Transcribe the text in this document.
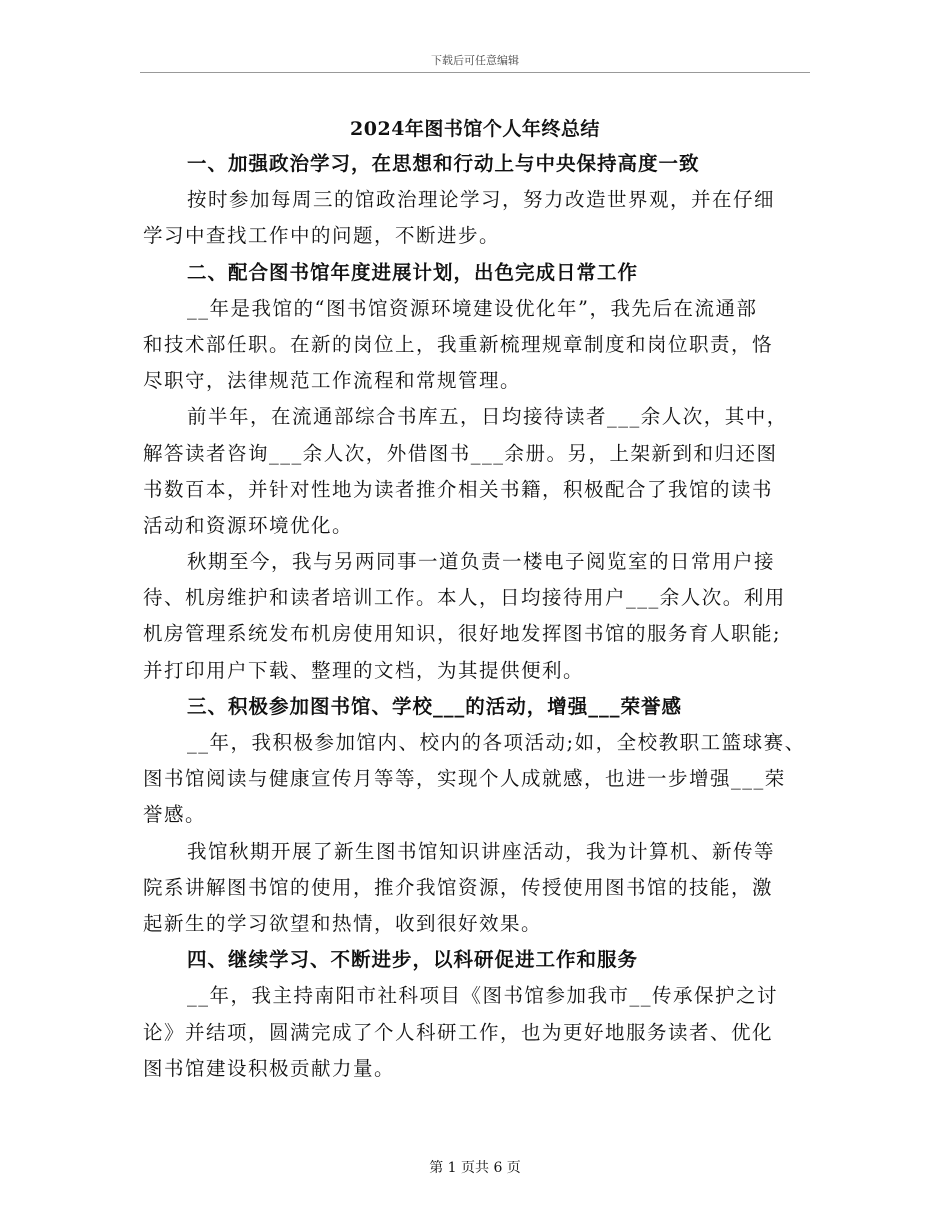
下载后可任意编辑
2024年图书馆个人年终总结
一、加强政治学习，在思想和行动上与中央保持高度一致
按时参加每周三的馆政治理论学习，努力改造世界观，并在仔细
学习中查找工作中的问题，不断进步。
二、配合图书馆年度进展计划，出色完成日常工作
__年是我馆的“图书馆资源环境建设优化年”，我先后在流通部
和技术部任职。在新的岗位上，我重新梳理规章制度和岗位职责，恪
尽职守，法律规范工作流程和常规管理。
前半年，在流通部综合书库五，日均接待读者___余人次，其中，
解答读者咨询___余人次，外借图书___余册。另，上架新到和归还图
书数百本，并针对性地为读者推介相关书籍，积极配合了我馆的读书
活动和资源环境优化。
秋期至今，我与另两同事一道负责一楼电子阅览室的日常用户接
待、机房维护和读者培训工作。本人，日均接待用户___余人次。利用
机房管理系统发布机房使用知识，很好地发挥图书馆的服务育人职能;
并打印用户下载、整理的文档，为其提供便利。
三、积极参加图书馆、学校___的活动，增强___荣誉感
__年，我积极参加馆内、校内的各项活动;如，全校教职工篮球赛、
图书馆阅读与健康宣传月等等，实现个人成就感，也进一步增强___荣
誉感。
我馆秋期开展了新生图书馆知识讲座活动，我为计算机、新传等
院系讲解图书馆的使用，推介我馆资源，传授使用图书馆的技能，激
起新生的学习欲望和热情，收到很好效果。
四、继续学习、不断进步，以科研促进工作和服务
__年，我主持南阳市社科项目《图书馆参加我市__传承保护之讨
论》并结项，圆满完成了个人科研工作，也为更好地服务读者、优化
图书馆建设积极贡献力量。
第 1 页共 6 页
